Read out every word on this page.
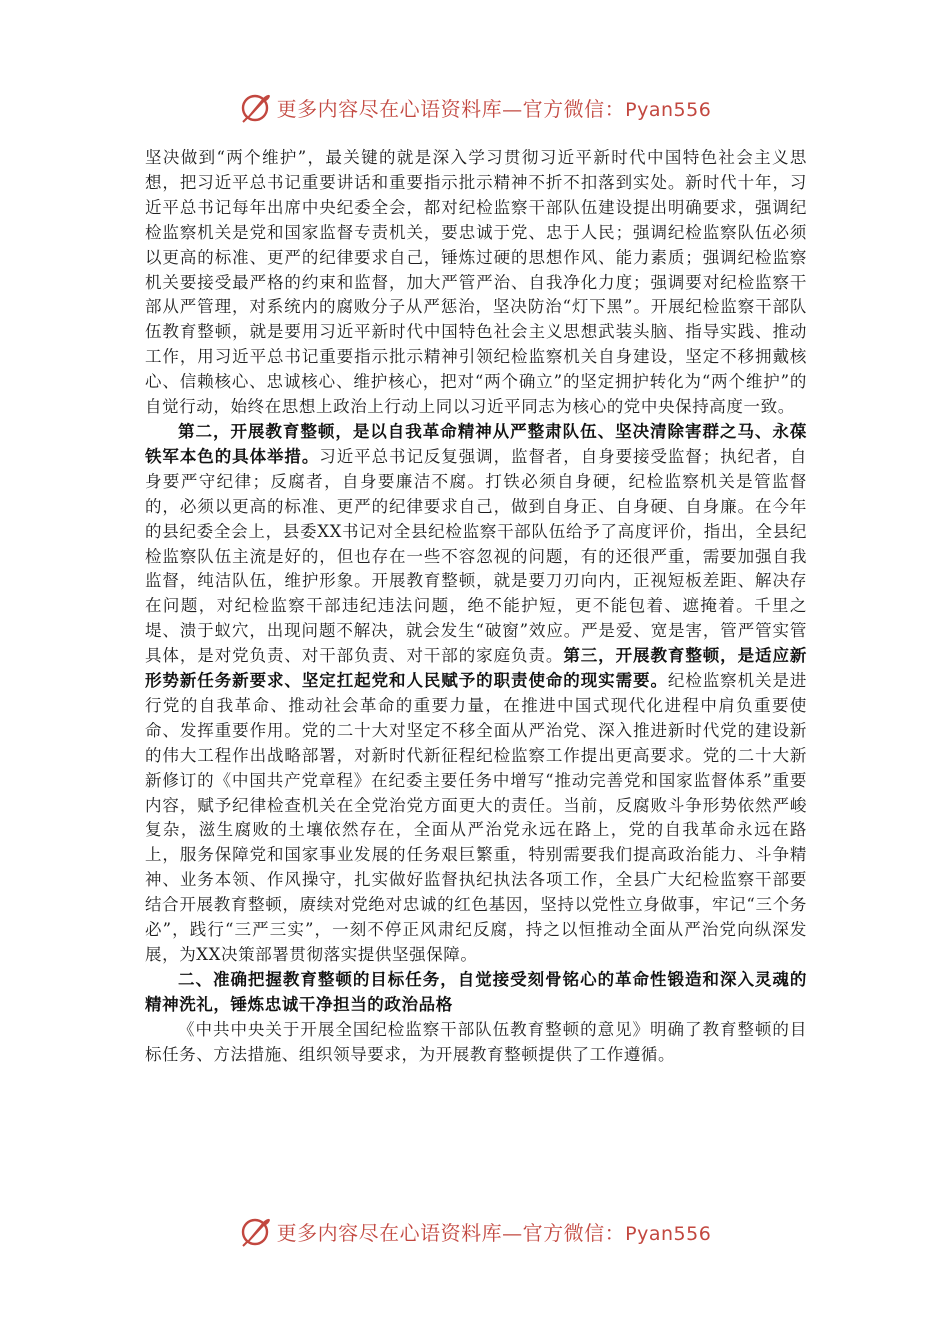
更多内容尽在心语资料库—官方微信：Pyan556

坚决做到“两个维护”，最关键的就是深入学习贯彻习近平新时代中国特色社会主义思想，把习近平总书记重要讲话和重要指示批示精神不折不扣落到实处。新时代十年，习近平总书记每年出席中央纪委全会，都对纪检监察干部队伍建设提出明确要求，强调纪检监察机关是党和国家监督专责机关，要忠诚于党、忠于人民；强调纪检监察队伍必须以更高的标准、更严的纪律要求自己，锤炼过硬的思想作风、能力素质；强调纪检监察机关要接受最严格的约束和监督，加大严管严治、自我净化力度；强调要对纪检监察干部从严管理，对系统内的腐败分子从严惩治，坚决防治“灯下黑”。开展纪检监察干部队伍教育整顿，就是要用习近平新时代中国特色社会主义思想武装头脑、指导实践、推动工作，用习近平总书记重要指示批示精神引领纪检监察机关自身建设，坚定不移拥戴核心、信赖核心、忠诚核心、维护核心，把对“两个确立”的坚定拥护转化为“两个维护”的自觉行动，始终在思想上政治上行动上同以习近平同志为核心的党中央保持高度一致。

第二，开展教育整顿，是以自我革命精神从严整肃队伍、坚决清除害群之马、永葆铁军本色的具体举措。习近平总书记反复强调，监督者，自身要接受监督；执纪者，自身要严守纪律；反腐者，自身要廉洁不腐。打铁必须自身硬，纪检监察机关是管监督的，必须以更高的标准、更严的纪律要求自己，做到自身正、自身硬、自身廉。在今年的县纪委全会上，县委XX书记对全县纪检监察干部队伍给予了高度评价，指出，全县纪检监察队伍主流是好的，但也存在一些不容忽视的问题，有的还很严重，需要加强自我监督，纯洁队伍，维护形象。开展教育整顿，就是要刀刃向内，正视短板差距、解决存在问题，对纪检监察干部违纪违法问题，绝不能护短，更不能包着、遮掩着。千里之堤、溃于蚁穴，出现问题不解决，就会发生“破窗”效应。严是爱、宽是害，管严管实管具体，是对党负责、对干部负责、对干部的家庭负责。第三，开展教育整顿，是适应新形势新任务新要求、坚定扛起党和人民赋予的职责使命的现实需要。纪检监察机关是进行党的自我革命、推动社会革命的重要力量，在推进中国式现代化进程中肩负重要使命、发挥重要作用。党的二十大对坚定不移全面从严治党、深入推进新时代党的建设新的伟大工程作出战略部署，对新时代新征程纪检监察工作提出更高要求。党的二十大新新修订的《中国共产党章程》在纪委主要任务中增写“推动完善党和国家监督体系”重要内容，赋予纪律检查机关在全党治党方面更大的责任。当前，反腐败斗争形势依然严峻复杂，滋生腐败的土壤依然存在，全面从严治党永远在路上，党的自我革命永远在路上，服务保障党和国家事业发展的任务艰巨繁重，特别需要我们提高政治能力、斗争精神、业务本领、作风操守，扎实做好监督执纪执法各项工作，全县广大纪检监察干部要结合开展教育整顿，赓续对党绝对忠诚的红色基因，坚持以党性立身做事，牢记“三个务必”，践行“三严三实”，一刻不停正风肃纪反腐，持之以恒推动全面从严治党向纵深发展，为XX决策部署贯彻落实提供坚强保障。

二、准确把握教育整顿的目标任务，自觉接受刻骨铭心的革命性锻造和深入灵魂的精神洗礼，锤炼忠诚干净担当的政治品格

《中共中央关于开展全国纪检监察干部队伍教育整顿的意见》明确了教育整顿的目标任务、方法措施、组织领导要求，为开展教育整顿提供了工作遵循。

更多内容尽在心语资料库—官方微信：Pyan556
